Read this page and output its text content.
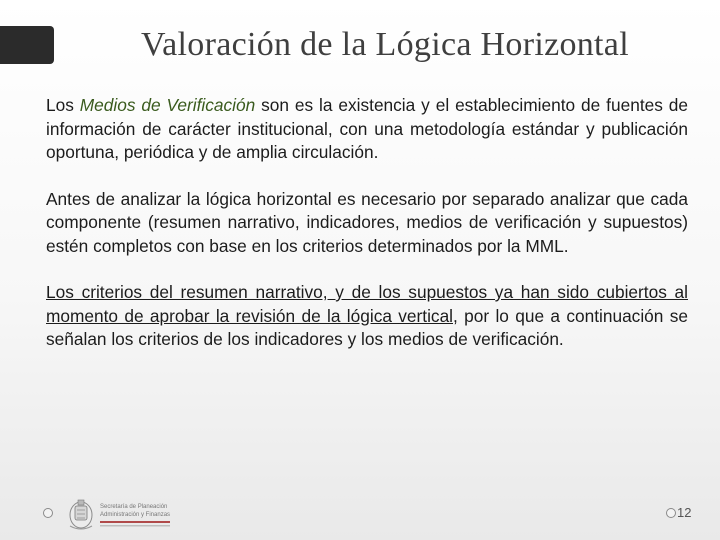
Valoración de la Lógica Horizontal

Los Medios de Verificación son es la existencia y el establecimiento de fuentes de información de carácter institucional, con una metodología estándar y publicación oportuna, periódica y de amplia circulación.

Antes de analizar la lógica horizontal es necesario por separado analizar que cada componente (resumen narrativo, indicadores, medios de verificación y supuestos) estén completos con base en los criterios determinados por la MML.

Los criterios del resumen narrativo, y de los supuestos ya han sido cubiertos al momento de aprobar la revisión de la lógica vertical, por lo que a continuación se señalan los criterios de los indicadores y los medios de verificación.

Secretaría de Planeación
Administración y Finanzas	12
